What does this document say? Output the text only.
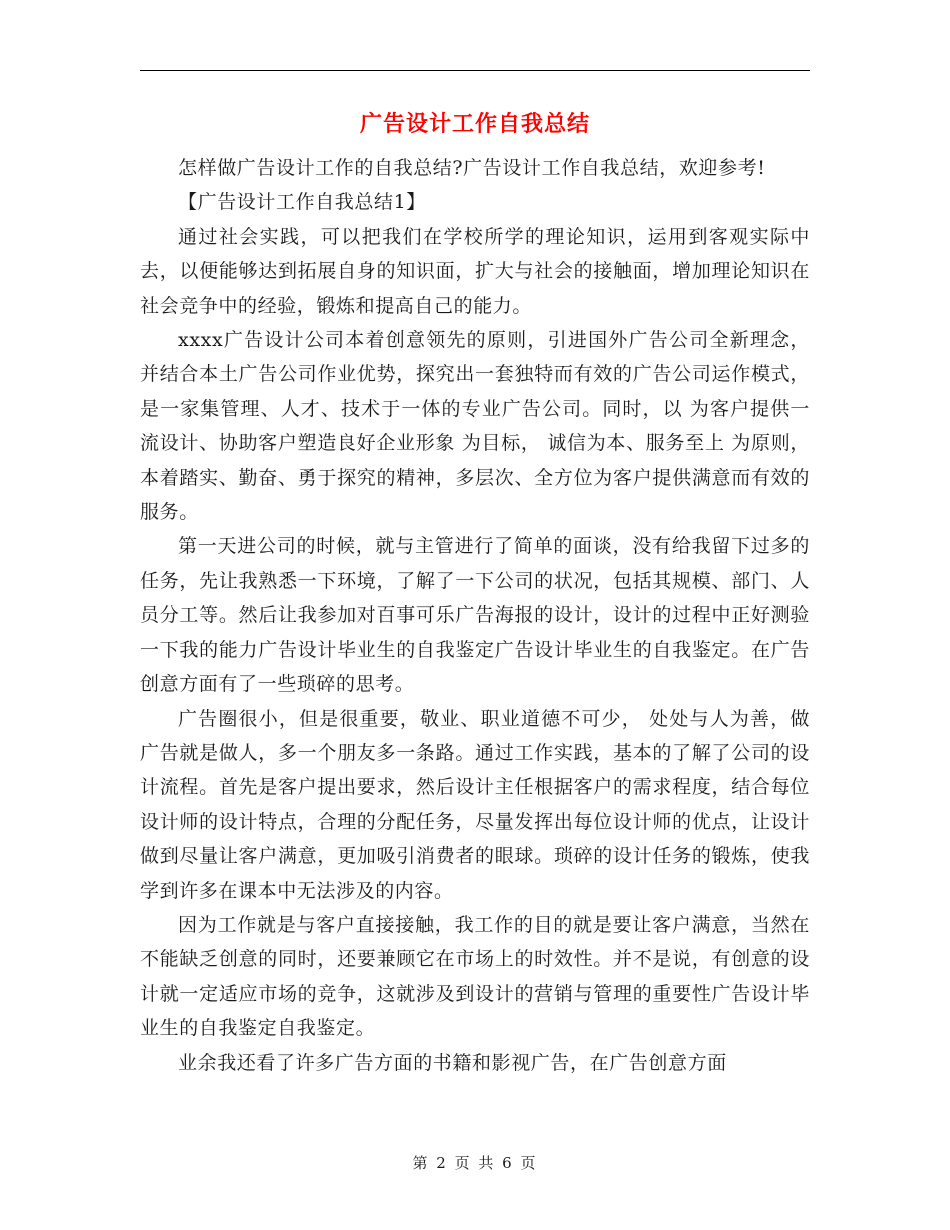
广告设计工作自我总结

怎样做广告设计工作的自我总结?广告设计工作自我总结，欢迎参考!

【广告设计工作自我总结1】

通过社会实践，可以把我们在学校所学的理论知识，运用到客观实际中去，以便能够达到拓展自身的知识面，扩大与社会的接触面，增加理论知识在社会竞争中的经验，锻炼和提高自己的能力。

xxxx广告设计公司本着创意领先的原则，引进国外广告公司全新理念，并结合本土广告公司作业优势，探究出一套独特而有效的广告公司运作模式，是一家集管理、人才、技术于一体的专业广告公司。同时，以 为客户提供一流设计、协助客户塑造良好企业形象 为目标， 诚信为本、服务至上 为原则， 本着踏实、勤奋、勇于探究的精神，多层次、全方位为客户提供满意而有效的服务。

第一天进公司的时候，就与主管进行了简单的面谈，没有给我留下过多的任务，先让我熟悉一下环境，了解了一下公司的状况，包括其规模、部门、人员分工等。然后让我参加对百事可乐广告海报的设计，设计的过程中正好测验一下我的能力广告设计毕业生的自我鉴定广告设计毕业生的自我鉴定。在广告创意方面有了一些琐碎的思考。

广告圈很小，但是很重要，敬业、职业道德不可少， 处处与人为善，做广告就是做人，多一个朋友多一条路。通过工作实践，基本的了解了公司的设计流程。首先是客户提出要求，然后设计主任根据客户的需求程度，结合每位设计师的设计特点，合理的分配任务，尽量发挥出每位设计师的优点，让设计做到尽量让客户满意，更加吸引消费者的眼球。琐碎的设计任务的锻炼，使我学到许多在课本中无法涉及的内容。

因为工作就是与客户直接接触，我工作的目的就是要让客户满意，当然在不能缺乏创意的同时，还要兼顾它在市场上的时效性。并不是说，有创意的设计就一定适应市场的竞争，这就涉及到设计的营销与管理的重要性广告设计毕业生的自我鉴定自我鉴定。

业余我还看了许多广告方面的书籍和影视广告，在广告创意方面

第 2 页 共 6 页
